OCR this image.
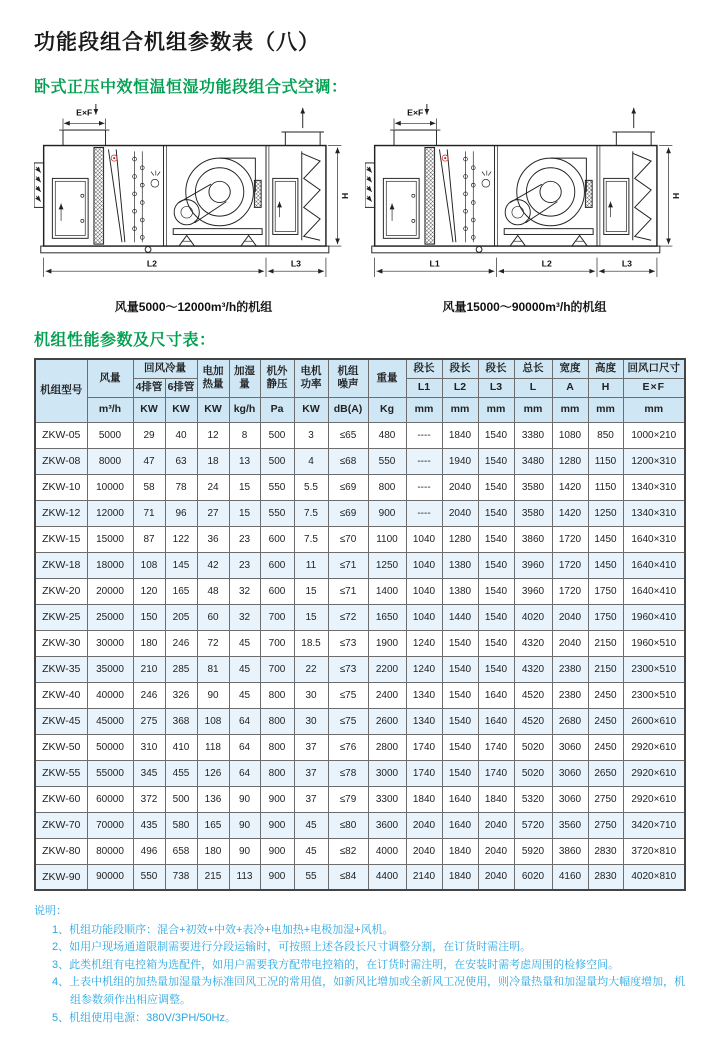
功能段组合机组参数表（八）
卧式正压中效恒温恒湿功能段组合式空调：
E×F
H
L2	L3
风量5000～12000m³/h的机组
L1	L2	L3
风量15000～90000m³/h的机组
机组性能参数及尺寸表：
机组型号	风量	回风冷量		电加热量	加湿量	机外静压	电机功率	机组噪声	重量	段长	段长	段长	总长	宽度	高度	回风口尺寸
		4排管	6排管							L1	L2	L3	L	A	H	E×F
	m³/h	KW	KW	KW	kg/h	Pa	KW	dB(A)	Kg	mm	mm	mm	mm	mm	mm	mm
ZKW-05	5000	29	40	12	8	500	3	≤65	480	----	1840	1540	3380	1080	850	1000×210
ZKW-08	8000	47	63	18	13	500	4	≤68	550	----	1940	1540	3480	1280	1150	1200×310
ZKW-10	10000	58	78	24	15	550	5.5	≤69	800	----	2040	1540	3580	1420	1150	1340×310
ZKW-12	12000	71	96	27	15	550	7.5	≤69	900	----	2040	1540	3580	1420	1250	1340×310
ZKW-15	15000	87	122	36	23	600	7.5	≤70	1100	1040	1280	1540	3860	1720	1450	1640×310
ZKW-18	18000	108	145	42	23	600	11	≤71	1250	1040	1380	1540	3960	1720	1450	1640×410
ZKW-20	20000	120	165	48	32	600	15	≤71	1400	1040	1380	1540	3960	1720	1750	1640×410
ZKW-25	25000	150	205	60	32	700	15	≤72	1650	1040	1440	1540	4020	2040	1750	1960×410
ZKW-30	30000	180	246	72	45	700	18.5	≤73	1900	1240	1540	1540	4320	2040	2150	1960×510
ZKW-35	35000	210	285	81	45	700	22	≤73	2200	1240	1540	1540	4320	2380	2150	2300×510
ZKW-40	40000	246	326	90	45	800	30	≤75	2400	1340	1540	1640	4520	2380	2450	2300×510
ZKW-45	45000	275	368	108	64	800	30	≤75	2600	1340	1540	1640	4520	2680	2450	2600×610
ZKW-50	50000	310	410	118	64	800	37	≤76	2800	1740	1540	1740	5020	3060	2450	2920×610
ZKW-55	55000	345	455	126	64	800	37	≤78	3000	1740	1540	1740	5020	3060	2650	2920×610
ZKW-60	60000	372	500	136	90	900	37	≤79	3300	1840	1640	1840	5320	3060	2750	2920×610
ZKW-70	70000	435	580	165	90	900	45	≤80	3600	2040	1640	2040	5720	3560	2750	3420×710
ZKW-80	80000	496	658	180	90	900	45	≤82	4000	2040	1840	2040	5920	3860	2830	3720×810
ZKW-90	90000	550	738	215	113	900	55	≤84	4400	2140	1840	2040	6020	4160	2830	4020×810
说明：
1、机组功能段顺序：混合+初效+中效+表冷+电加热+电极加湿+风机。
2、如用户现场通道限制需要进行分段运输时，可按照上述各段长尺寸调整分割，在订货时需注明。
3、此类机组有电控箱为选配件，如用户需要我方配带电控箱的，在订货时需注明，在安装时需考虑周围的检修空间。
4、上表中机组的加热量加湿量为标准回风工况的常用值，如新风比增加或全新风工况使用，则冷量热量和加湿量均大幅度增加，机组参数须作出相应调整。
5、机组使用电源：380V/3PH/50Hz。
